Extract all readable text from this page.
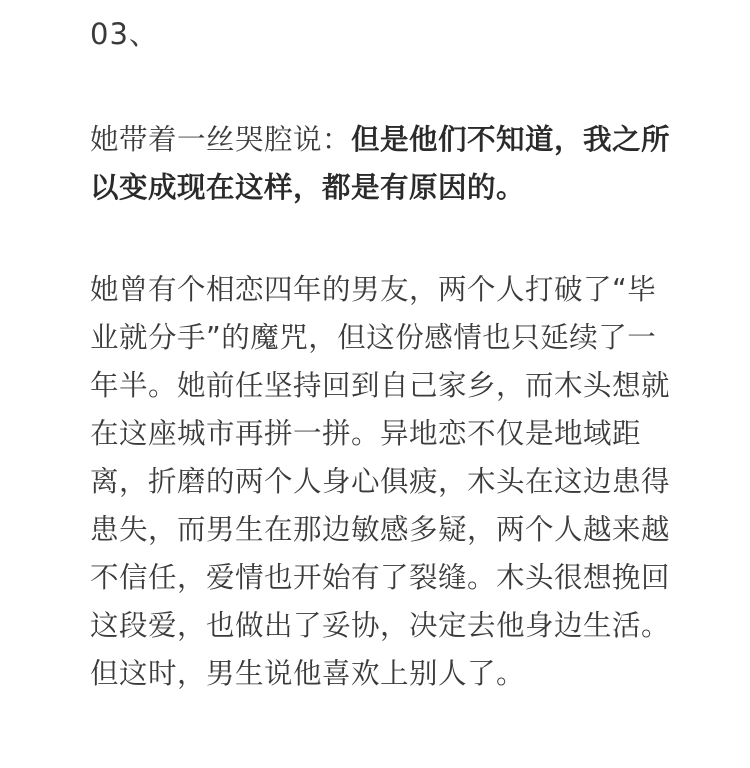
03、

她带着一丝哭腔说：但是他们不知道，我之所
以变成现在这样，都是有原因的。

她曾有个相恋四年的男友，两个人打破了“毕
业就分手”的魔咒，但这份感情也只延续了一
年半。她前任坚持回到自己家乡，而木头想就
在这座城市再拼一拼。异地恋不仅是地域距
离，折磨的两个人身心俱疲，木头在这边患得
患失，而男生在那边敏感多疑，两个人越来越
不信任，爱情也开始有了裂缝。木头很想挽回
这段爱，也做出了妥协，决定去他身边生活。
但这时，男生说他喜欢上别人了。
